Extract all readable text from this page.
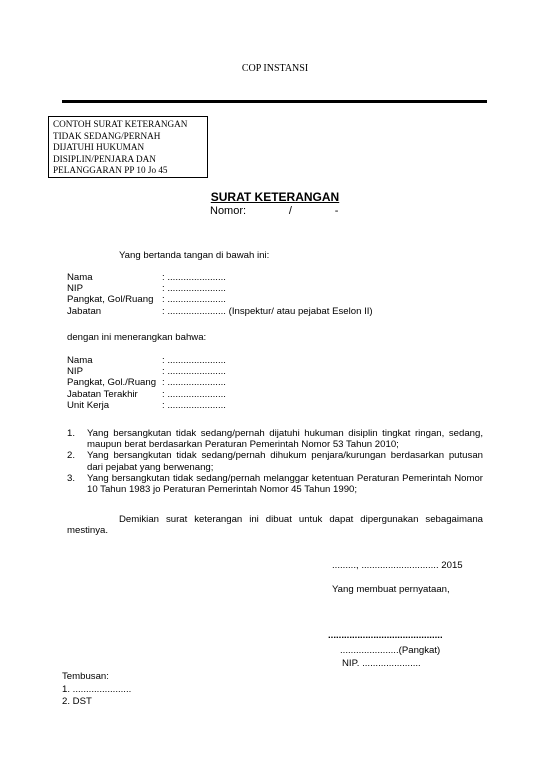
COP INSTANSI
CONTOH SURAT KETERANGAN
TIDAK SEDANG/PERNAH
DIJATUHI HUKUMAN
DISIPLIN/PENJARA DAN
PELANGGARAN PP 10 Jo 45
SURAT KETERANGAN
Nomor:              /              -
Yang bertanda tangan di bawah ini:
Nama	: ......................
NIP	: ......................
Pangkat, Gol/Ruang : ......................
Jabatan	: ...................... (Inspektur/ atau pejabat Eselon II)
dengan ini menerangkan bahwa:
Nama	: ......................
NIP	: ......................
Pangkat, Gol./Ruang : ......................
Jabatan Terakhir	: ......................
Unit Kerja	: ......................
1. Yang bersangkutan tidak sedang/pernah dijatuhi hukuman disiplin tingkat ringan, sedang, maupun berat berdasarkan Peraturan Pemerintah Nomor 53 Tahun 2010;
2. Yang bersangkutan tidak sedang/pernah dihukum penjara/kurungan berdasarkan putusan dari pejabat yang berwenang;
3. Yang bersangkutan tidak sedang/pernah melanggar ketentuan Peraturan Pemerintah Nomor 10 Tahun 1983 jo Peraturan Pemerintah Nomor 45 Tahun 1990;
Demikian surat keterangan ini dibuat untuk dapat dipergunakan sebagaimana mestinya.
........., ............................. 2015
Yang membuat pernyataan,
...........................................
......................(Pangkat)
NIP. ......................
Tembusan:
1. ......................
2. DST
